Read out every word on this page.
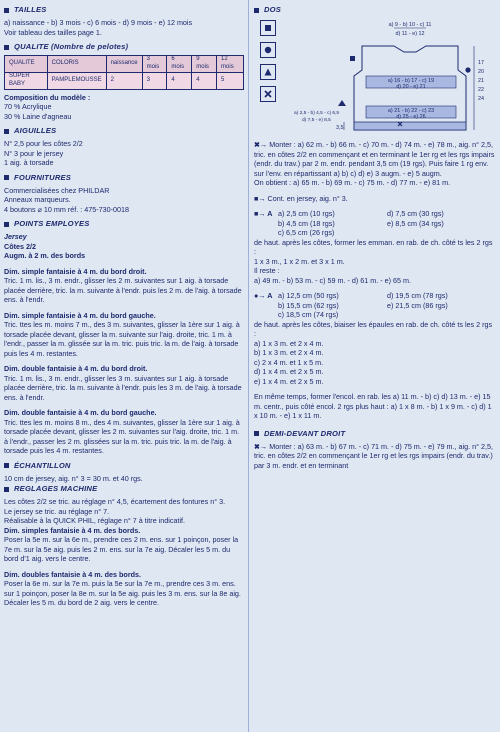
TAILLES

a) naissance - b) 3 mois - c) 6 mois - d) 9 mois - e) 12 mois

Voir tableau des tailles page 1.

QUALITE (Nombre de pelotes)
QUALITE	COLORIS	naissance	3 mois	6 mois	9 mois	12 mois
SUPER BABY	PAMPLEMOUSSE	2	3	4	4	5

Composition du modèle :

70 % Acrylique

30 % Laine d'agneau

AIGUILLES

N° 2,5 pour les côtes 2/2

N° 3 pour le jersey

1 aig. à torsade

FOURNITURES

Commercialisées chez PHILDAR

Anneaux marqueurs.

4 boutons ⌀ 10 mm réf. : 475-730-0018

POINTS EMPLOYES

Jersey

Côtes 2/2

Augm. à 2 m. des bords

Dim. simple fantaisie à 4 m. du bord droit.

Tric. 1 m. lis., 3 m. endr., glisser les 2 m. suivantes sur 1 aig. à torsade placée derrière, tric. la m. suivante à l'endr. puis les 2 m. de l'aig. à torsade ens. à l'endr.

Dim. simple fantaisie à 4 m. du bord gauche.

Tric. ttes les m. moins 7 m., des 3 m. suivantes, glisser la 1ère sur 1 aig. à torsade placée devant, glisser la m. suivante sur l'aig. droite, tric. 1 m. à l'endr., passer la m. glissée sur la m. tric. puis tric. la m. de l'aig. à torsade puis les 4 m. restantes.

Dim. double fantaisie à 4 m. du bord droit.

Tric. 1 m. lis., 3 m. endr., glisser les 3 m. suivantes sur 1 aig. à torsade placée derrière, tric. la m. suivante à l'endr. puis les 3 m. de l'aig. à torsade ens. à l'endr.

Dim. double fantaisie à 4 m. du bord gauche.

Tric. ttes les m. moins 8 m., des 4 m. suivantes, glisser la 1ère sur 1 aig. à torsade placée devant, glisser les 2 m. suivantes sur l'aig. droite, tric. 1 m. à l'endr., passer les 2 m. glissées sur la m. tric. puis tric. la m. de l'aig. à torsade puis les 4 m. restantes.

ÉCHANTILLON

10 cm de jersey, aig. n° 3 = 30 m. et 40 rgs.

REGLAGES MACHINE

Les côtes 2/2 se tric. au réglage n° 4,5, écartement des fontures n° 3.

Le jersey se tric. au réglage n° 7.

Réalisable à la QUICK PHIL, réglage n° 7 à titre indicatif.

Dim. simples fantaisie à 4 m. des bords.

Poser la 5e m. sur la 6e m., prendre ces 2 m. ens. sur 1 poinçon, poser la 7e m. sur la 5e aig. puis les 2 m. ens. sur la 7e aig. Décaler les 5 m. du bord d'1 aig. vers le centre.

Dim. doubles fantaisie à 4 m. des bords.

Poser la 6e m. sur la 7e m. puis la 5e sur la 7e m., prendre ces 3 m. ens. sur 1 poinçon, poser la 8e m. sur la 5e aig. puis les 3 m. ens. sur la 8e aig. Décaler les 5 m. du bord de 2 aig. vers le centre.

DOS
a) 9 - b) 10 - c) 11
d) 11 - e) 12
a) 16 - b) 17 - c) 19
d) 20 - e) 21
a) 21 - b) 22 - c) 23
d) 25 - e) 26
a) 2,5 - b) 4,5 - c) 6,5
d) 7,5 - e) 8,5
3,5
17
20
21
22
24

✖→ Monter : a) 62 m. - b) 66 m. - c) 70 m. - d) 74 m. - e) 78 m., aig. n° 2,5, tric. en côtes 2/2 en commençant et en terminant le 1er rg et les rgs impairs (endr. du trav.) par 2 m. endr. pendant 3,5 cm (19 rgs). Puis faire 1 rg env. sur l'env. en répartissant a) b) c) d) e) 3 augm. - e) 5 augm.

On obtient : a) 65 m. - b) 69 m. - c) 75 m. - d) 77 m. - e) 81 m.

■→ Cont. en jersey, aig. n° 3.

■→ A a) 2,5 cm (10 rgs)	d) 7,5 cm (30 rgs)
b) 4,5 cm (18 rgs)	e) 8,5 cm (34 rgs)
c) 6,5 cm (26 rgs)

de haut. après les côtes, former les emman. en rab. de ch. côté ts les 2 rgs :

1 x 3 m., 1 x 2 m. et 3 x 1 m.

Il reste :

a) 49 m. - b) 53 m. - c) 59 m. - d) 61 m. - e) 65 m.

●→ A a) 12,5 cm (50 rgs)	d) 19,5 cm (78 rgs)
b) 15,5 cm (62 rgs)	e) 21,5 cm (86 rgs)
c) 18,5 cm (74 rgs)

de haut. après les côtes, biaiser les épaules en rab. de ch. côté ts les 2 rgs :

a) 1 x 3 m. et 2 x 4 m.

b) 1 x 3 m. et 2 x 4 m.

c) 2 x 4 m. et 1 x 5 m.

d) 1 x 4 m. et 2 x 5 m.

e) 1 x 4 m. et 2 x 5 m.

En même temps, former l'encol. en rab. les a) 11 m. - b) c) d) 13 m. - e) 15 m. centr., puis côté encol. 2 rgs plus haut : a) 1 x 8 m. - b) 1 x 9 m. - c) d) 1 x 10 m. - e) 1 x 11 m.

DEMI-DEVANT DROIT

✖→ Monter : a) 63 m. - b) 67 m. - c) 71 m. - d) 75 m. - e) 79 m., aig. n° 2,5, tric. en côtes 2/2 en commençant le 1er rg et les rgs impairs (endr. du trav.) par 3 m. endr. et en terminant
